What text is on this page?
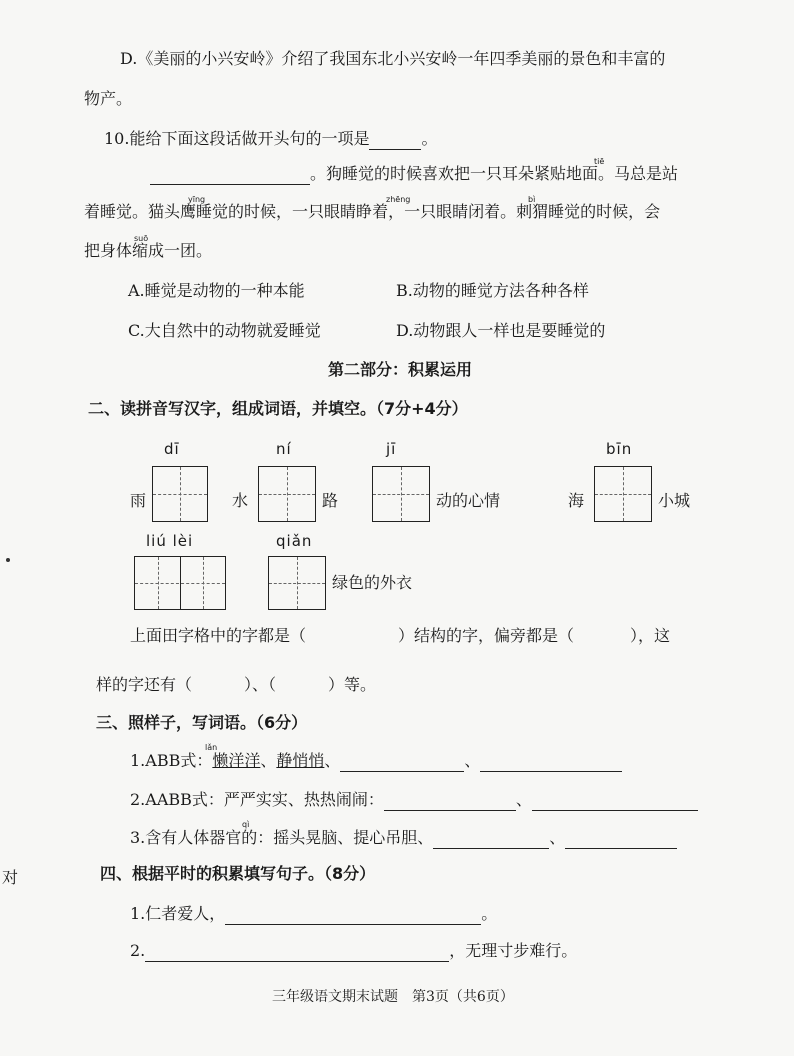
D.《美丽的小兴安岭》介绍了我国东北小兴安岭一年四季美丽的景色和丰富的
物产。
10.能给下面这段话做开头句的一项是	。
tiē
。狗睡觉的时候喜欢把一只耳朵紧贴地面。马总是站
yīng	zhēng	bì
着睡觉。猫头鹰睡觉的时候，一只眼睛睁着，一只眼睛闭着。刺猬睡觉的时候，会
suō
把身体缩成一团。
A.睡觉是动物的一种本能	B.动物的睡觉方法各种各样
C.大自然中的动物就爱睡觉	D.动物跟人一样也是要睡觉的
第二部分：积累运用
二、读拼音写汉字，组成词语，并填空。（7分+4分）
dī	ní	jī	bīn
雨	水	路	动的心情	海	小城
liú lèi	qiǎn
绿色的外衣
上面田字格中的字都是（	）结构的字，偏旁都是（	），这
样的字还有（	）、（	）等。
三、照样子，写词语。（6分）
lǎn
1.ABB式：懒洋洋、静悄悄、	、
2.AABB式：严严实实、热热闹闹：	、
qì
3.含有人体器官的：摇头晃脑、提心吊胆、	、
对	四、根据平时的积累填写句子。（8分）
1.仁者爱人，	。
2.	，无理寸步难行。
三年级语文期末试题　第3页（共6页）
